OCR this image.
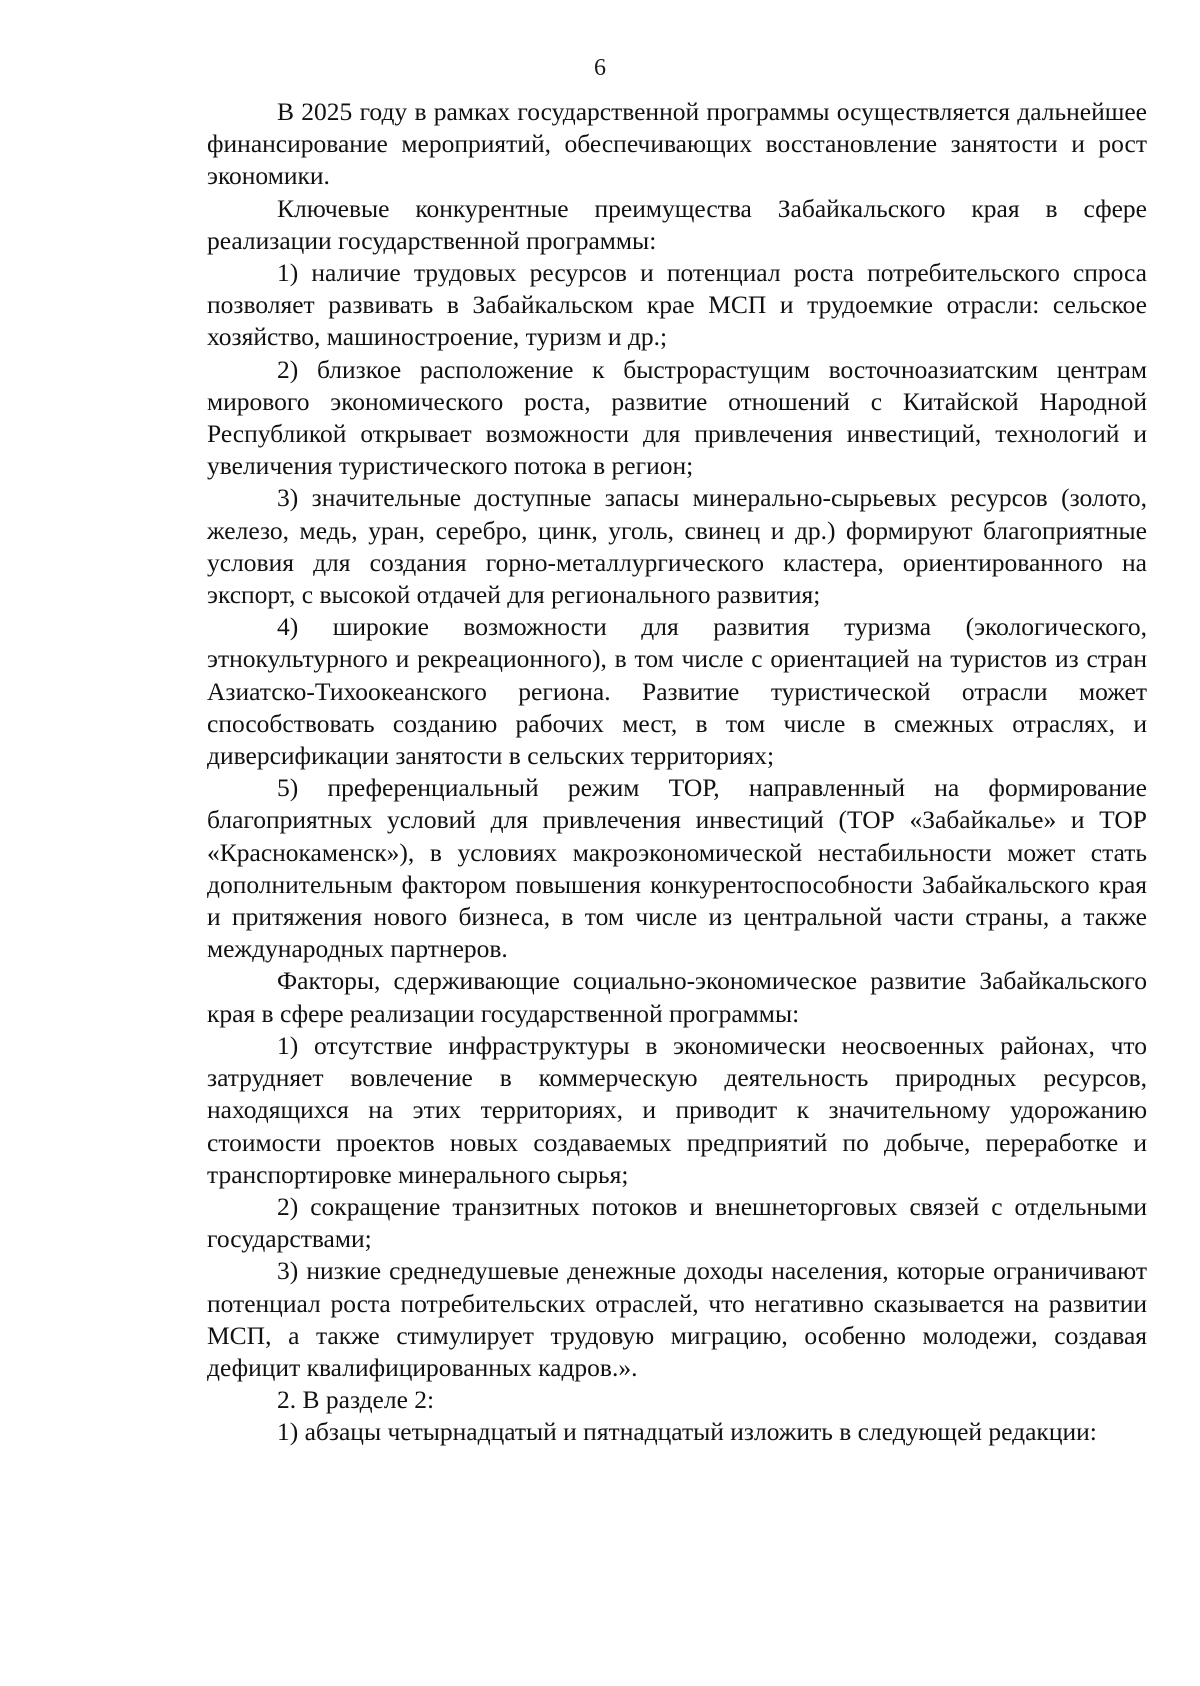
6

В 2025 году в рамках государственной программы осуществляется дальнейшее финансирование мероприятий, обеспечивающих восстановление занятости и рост экономики.

Ключевые конкурентные преимущества Забайкальского края в сфере реализации государственной программы:

1) наличие трудовых ресурсов и потенциал роста потребительского спроса позволяет развивать в Забайкальском крае МСП и трудоемкие отрасли: сельское хозяйство, машиностроение, туризм и др.;

2) близкое расположение к быстрорастущим восточноазиатским центрам мирового экономического роста, развитие отношений с Китайской Народной Республикой открывает возможности для привлечения инвестиций, технологий и увеличения туристического потока в регион;

3) значительные доступные запасы минерально-сырьевых ресурсов (золото, железо, медь, уран, серебро, цинк, уголь, свинец и др.) формируют благоприятные условия для создания горно-металлургического кластера, ориентированного на экспорт, с высокой отдачей для регионального развития;

4) широкие возможности для развития туризма (экологического, этнокультурного и рекреационного), в том числе с ориентацией на туристов из стран Азиатско-Тихоокеанского региона. Развитие туристической отрасли может способствовать созданию рабочих мест, в том числе в смежных отраслях, и диверсификации занятости в сельских территориях;

5) преференциальный режим ТОР, направленный на формирование благоприятных условий для привлечения инвестиций (ТОР «Забайкалье» и ТОР «Краснокаменск»), в условиях макроэкономической нестабильности может стать дополнительным фактором повышения конкурентоспособности Забайкальского края и притяжения нового бизнеса, в том числе из центральной части страны, а также международных партнеров.

Факторы, сдерживающие социально-экономическое развитие Забайкальского края в сфере реализации государственной программы:

1) отсутствие инфраструктуры в экономически неосвоенных районах, что затрудняет вовлечение в коммерческую деятельность природных ресурсов, находящихся на этих территориях, и приводит к значительному удорожанию стоимости проектов новых создаваемых предприятий по добыче, переработке и транспортировке минерального сырья;

2) сокращение транзитных потоков и внешнеторговых связей с отдельными государствами;

3) низкие среднедушевые денежные доходы населения, которые ограничивают потенциал роста потребительских отраслей, что негативно сказывается на развитии МСП, а также стимулирует трудовую миграцию, особенно молодежи, создавая дефицит квалифицированных кадров.».

2. В разделе 2:

1) абзацы четырнадцатый и пятнадцатый изложить в следующей редакции:
